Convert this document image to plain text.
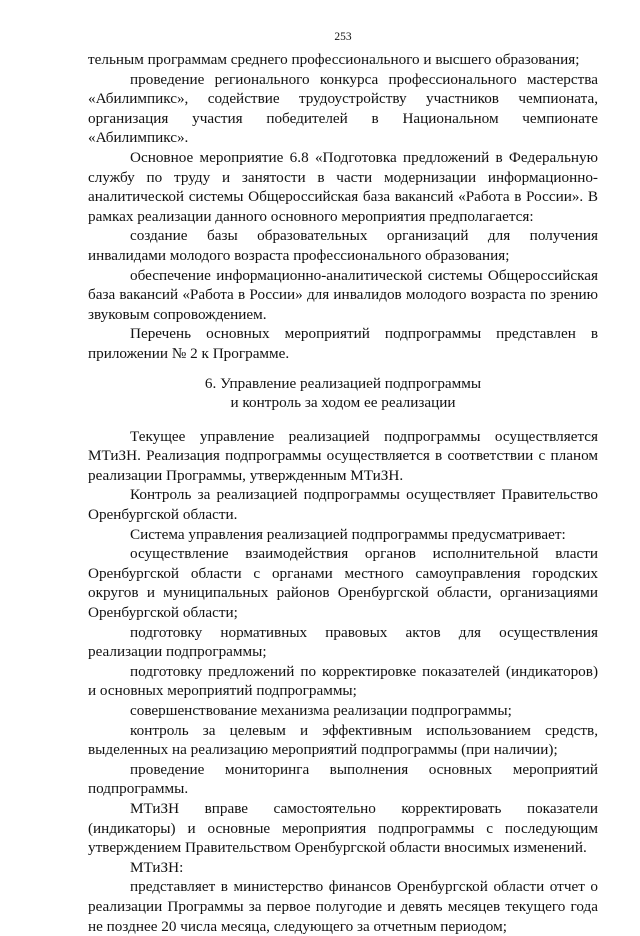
253

тельным программам среднего профессионального и высшего образования;

проведение регионального конкурса профессионального мастерства «Абилимпикс», содействие трудоустройству участников чемпионата, организация участия победителей в Национальном чемпионате «Абилимпикс».

Основное мероприятие 6.8 «Подготовка предложений в Федеральную службу по труду и занятости в части модернизации информационно-аналитической системы Общероссийская база вакансий «Работа в России». В рамках реализации данного основного мероприятия предполагается:

создание базы образовательных организаций для получения инвалидами молодого возраста профессионального образования;

обеспечение информационно-аналитической системы Общероссийская база вакансий «Работа в России» для инвалидов молодого возраста по зрению звуковым сопровождением.

Перечень основных мероприятий подпрограммы представлен в приложении № 2 к Программе.

6. Управление реализацией подпрограммы
и контроль за ходом ее реализации

Текущее управление реализацией подпрограммы осуществляется МТиЗН. Реализация подпрограммы осуществляется в соответствии с планом реализации Программы, утвержденным МТиЗН.

Контроль за реализацией подпрограммы осуществляет Правительство Оренбургской области.

Система управления реализацией подпрограммы предусматривает:

осуществление взаимодействия органов исполнительной власти Оренбургской области с органами местного самоуправления городских округов и муниципальных районов Оренбургской области, организациями Оренбургской области;

подготовку нормативных правовых актов для осуществления реализации подпрограммы;

подготовку предложений по корректировке показателей (индикаторов) и основных мероприятий подпрограммы;

совершенствование механизма реализации подпрограммы;

контроль за целевым и эффективным использованием средств, выделенных на реализацию мероприятий подпрограммы (при наличии);

проведение мониторинга выполнения основных мероприятий подпрограммы.

МТиЗН вправе самостоятельно корректировать показатели (индикаторы) и основные мероприятия подпрограммы с последующим утверждением Правительством Оренбургской области вносимых изменений.

МТиЗН:

представляет в министерство финансов Оренбургской области отчет о реализации Программы за первое полугодие и девять месяцев текущего года не позднее 20 числа месяца, следующего за отчетным периодом;
